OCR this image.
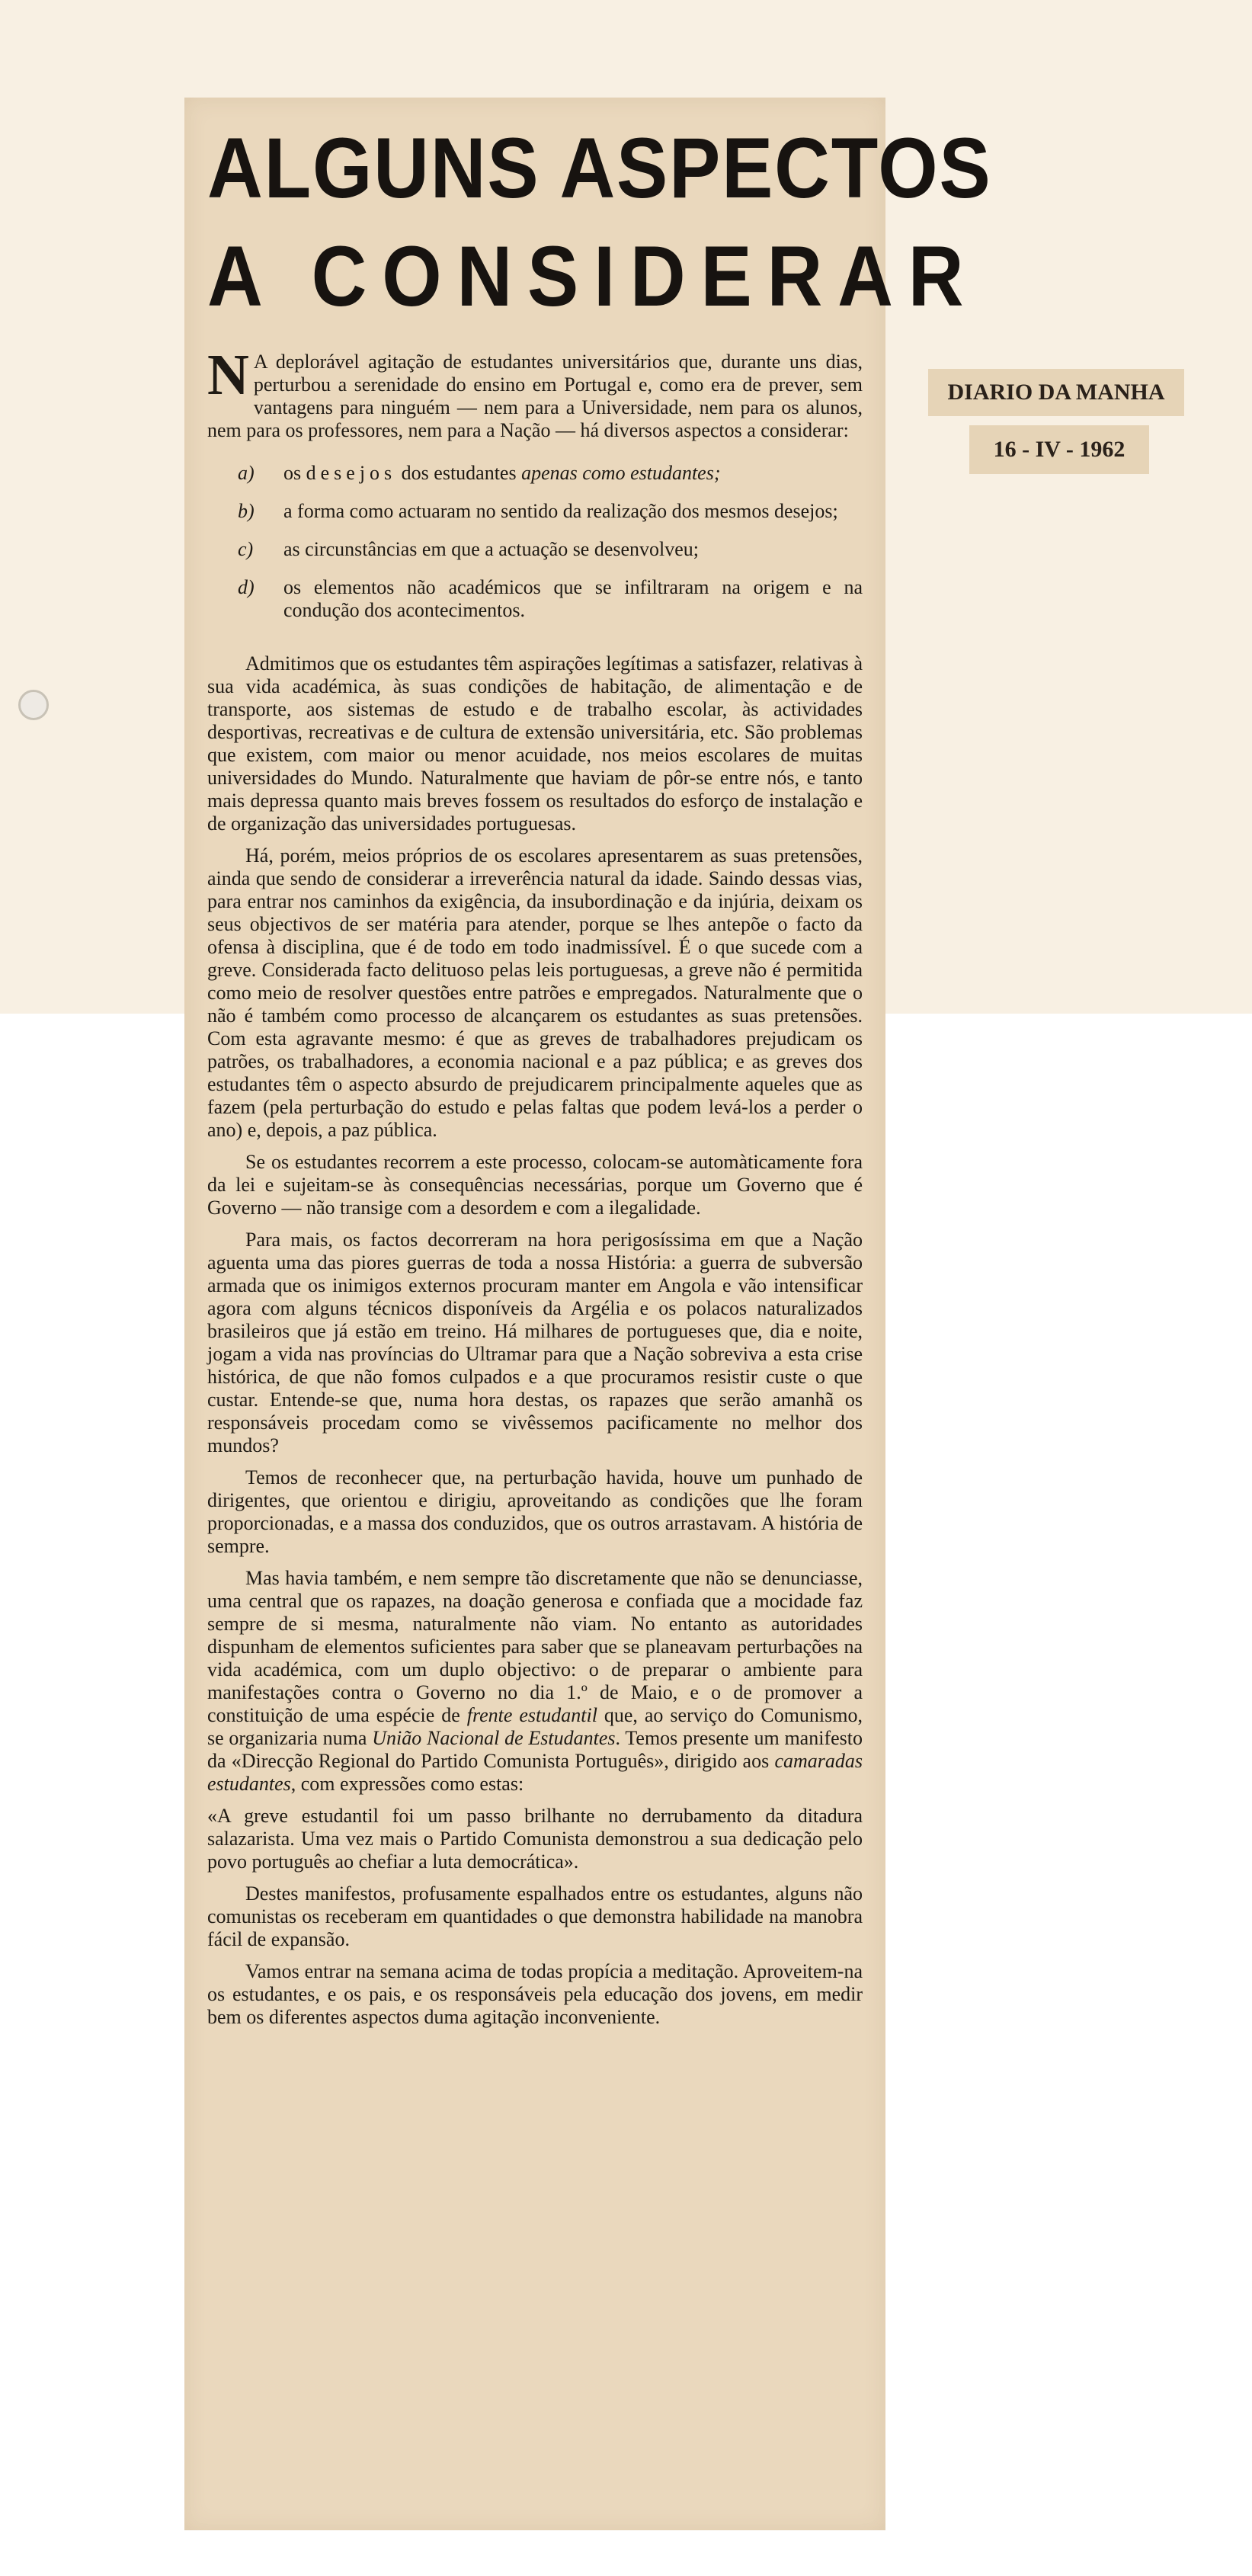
ALGUNS ASPECTOS
A CONSIDERAR

N A deplorável agitação de estudantes universitários que, durante uns dias, perturbou a serenidade do ensino em Portugal e, como era de prever, sem vantagens para ninguém — nem para a Universidade, nem para os alunos, nem para os professores, nem para a Nação — há diversos aspectos a considerar:

a)	os desejos dos estudantes apenas como estudantes;
b)	a forma como actuaram no sentido da realização dos mesmos desejos;
c)	as circunstâncias em que a actuação se desenvolveu;
d)	os elementos não académicos que se infiltraram na origem e na condução dos acontecimentos.

Admitimos que os estudantes têm aspirações legítimas a satisfazer, relativas à sua vida académica, às suas condições de habitação, de alimentação e de transporte, aos sistemas de estudo e de trabalho escolar, às actividades desportivas, recreativas e de cultura de extensão universitária, etc. São problemas que existem, com maior ou menor acuidade, nos meios escolares de muitas universidades do Mundo. Naturalmente que haviam de pôr-se entre nós, e tanto mais depressa quanto mais breves fossem os resultados do esforço de instalação e de organização das universidades portuguesas.

Há, porém, meios próprios de os escolares apresentarem as suas pretensões, ainda que sendo de considerar a irreverência natural da idade. Saindo dessas vias, para entrar nos caminhos da exigência, da insubordinação e da injúria, deixam os seus objectivos de ser matéria para atender, porque se lhes antepõe o facto da ofensa à disciplina, que é de todo em todo inadmissível. É o que sucede com a greve. Considerada facto delituoso pelas leis portuguesas, a greve não é permitida como meio de resolver questões entre patrões e empregados. Naturalmente que o não é também como processo de alcançarem os estudantes as suas pretensões. Com esta agravante mesmo: é que as greves de trabalhadores prejudicam os patrões, os trabalhadores, a economia nacional e a paz pública; e as greves dos estudantes têm o aspecto absurdo de prejudicarem principalmente aqueles que as fazem (pela perturbação do estudo e pelas faltas que podem levá-los a perder o ano) e, depois, a paz pública.

Se os estudantes recorrem a este processo, colocam-se automàticamente fora da lei e sujeitam-se às consequências necessárias, porque um Governo que é Governo — não transige com a desordem e com a ilegalidade.

Para mais, os factos decorreram na hora perigosíssima em que a Nação aguenta uma das piores guerras de toda a nossa História: a guerra de subversão armada que os inimigos externos procuram manter em Angola e vão intensificar agora com alguns técnicos disponíveis da Argélia e os polacos naturalizados brasileiros que já estão em treino. Há milhares de portugueses que, dia e noite, jogam a vida nas províncias do Ultramar para que a Nação sobreviva a esta crise histórica, de que não fomos culpados e a que procuramos resistir custe o que custar. Entende-se que, numa hora destas, os rapazes que serão amanhã os responsáveis procedam como se vivêssemos pacificamente no melhor dos mundos?

Temos de reconhecer que, na perturbação havida, houve um punhado de dirigentes, que orientou e dirigiu, aproveitando as condições que lhe foram proporcionadas, e a massa dos conduzidos, que os outros arrastavam. A história de sempre.

Mas havia também, e nem sempre tão discretamente que não se denunciasse, uma central que os rapazes, na doação generosa e confiada que a mocidade faz sempre de si mesma, naturalmente não viam. No entanto as autoridades dispunham de elementos suficientes para saber que se planeavam perturbações na vida académica, com um duplo objectivo: o de preparar o ambiente para manifestações contra o Governo no dia 1.º de Maio, e o de promover a constituição de uma espécie de frente estudantil que, ao serviço do Comunismo, se organizaria numa União Nacional de Estudantes. Temos presente um manifesto da «Direcção Regional do Partido Comunista Português», dirigido aos camaradas estudantes, com expressões como estas:

«A greve estudantil foi um passo brilhante no derrubamento da ditadura salazarista. Uma vez mais o Partido Comunista demonstrou a sua dedicação pelo povo português ao chefiar a luta democrática».

Destes manifestos, profusamente espalhados entre os estudantes, alguns não comunistas os receberam em quantidades o que demonstra habilidade na manobra fácil de expansão.

Vamos entrar na semana acima de todas propícia a meditação. Aproveitem-na os estudantes, e os pais, e os responsáveis pela educação dos jovens, em medir bem os diferentes aspectos duma agitação inconveniente.

DIARIO DA MANHA
16 - IV - 1962
